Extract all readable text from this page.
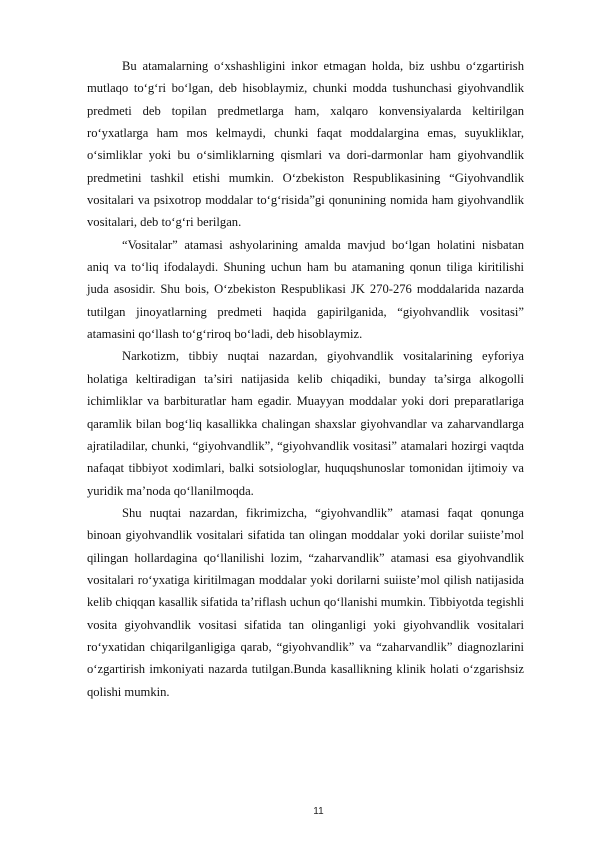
Bu atamalarning o‘xshashligini inkor etmagan holda, biz ushbu o‘zgartirish mutlaqo to‘g‘ri bo‘lgan, deb hisoblaymiz, chunki modda tushunchasi giyohvandlik predmeti deb topilan predmetlarga ham, xalqaro konvensiyalarda keltirilgan ro‘yxatlarga ham mos kelmaydi, chunki faqat moddalargina emas, suyukliklar, o‘simliklar yoki bu o‘simliklarning qismlari va dori-darmonlar ham giyohvandlik predmetini tashkil etishi mumkin. O‘zbekiston Respublikasining “Giyohvandlik vositalari va psixotrop moddalar to‘g‘risida”gi qonunining nomida ham giyohvandlik vositalari, deb to‘g‘ri berilgan.

“Vositalar” atamasi ashyolarining amalda mavjud bo‘lgan holatini nisbatan aniq va to‘liq ifodalaydi. Shuning uchun ham bu atamaning qonun tiliga kiritilishi juda asosidir. Shu bois, O‘zbekiston Respublikasi JK 270-276 moddalarida nazarda tutilgan jinoyatlarning predmeti haqida gapirilganida, “giyohvandlik vositasi” atamasini qo‘llash to‘g‘riroq bo‘ladi, deb hisoblaymiz.

Narkotizm, tibbiy nuqtai nazardan, giyohvandlik vositalarining eyforiya holatiga keltiradigan ta’siri natijasida kelib chiqadiki, bunday ta’sirga alkogolli ichimliklar va barbituratlar ham egadir. Muayyan moddalar yoki dori preparatlariga qaramlik bilan bog‘liq kasallikka chalingan shaxslar giyohvandlar va zaharvandlarga ajratiladilar, chunki, “giyohvandlik”, “giyohvandlik vositasi” atamalari hozirgi vaqtda nafaqat tibbiyot xodimlari, balki sotsiologlar, huquqshunoslar tomonidan ijtimoiy va yuridik ma’noda qo‘llanilmoqda.

Shu nuqtai nazardan, fikrimizcha, “giyohvandlik” atamasi faqat qonunga binoan giyohvandlik vositalari sifatida tan olingan moddalar yoki dorilar suiiste’mol qilingan hollardagina qo‘llanilishi lozim, “zaharvandlik” atamasi esa giyohvandlik vositalari ro‘yxatiga kiritilmagan moddalar yoki dorilarni suiiste’mol qilish natijasida kelib chiqqan kasallik sifatida ta’riflash uchun qo‘llanishi mumkin. Tibbiyotda tegishli vosita giyohvandlik vositasi sifatida tan olinganligi yoki giyohvandlik vositalari ro‘yxatidan chiqarilganligiga qarab, “giyohvandlik” va “zaharvandlik” diagnozlarini o‘zgartirish imkoniyati nazarda tutilgan.Bunda kasallikning klinik holati o‘zgarishsiz qolishi mumkin.

11
